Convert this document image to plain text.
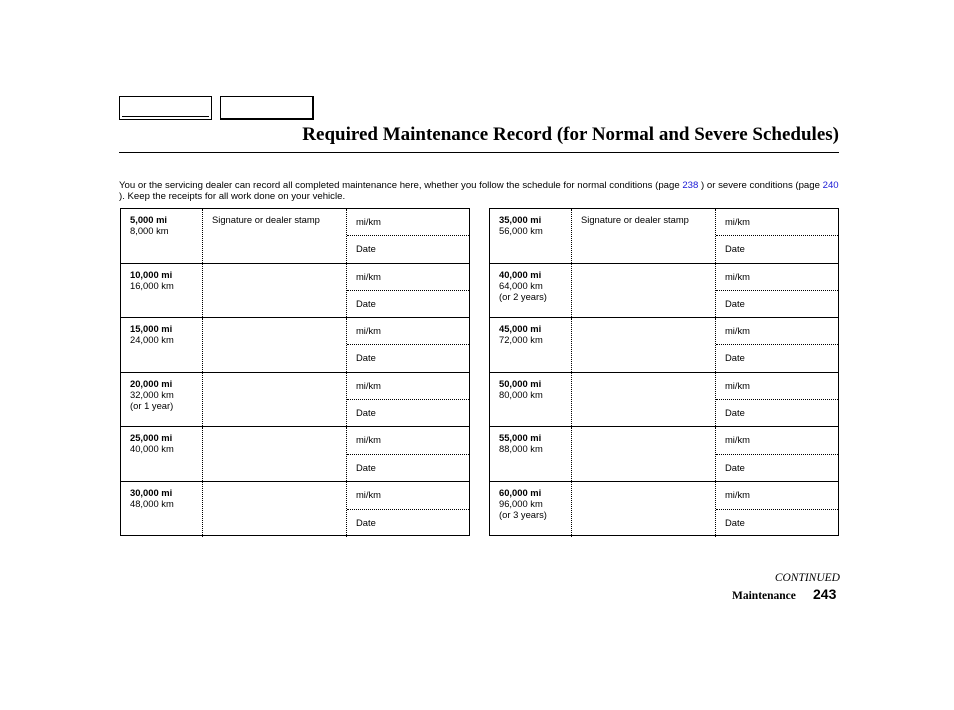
Required Maintenance Record (for Normal and Severe Schedules)
You or the servicing dealer can record all completed maintenance here, whether you follow the schedule for normal conditions (page 238 ) or severe conditions (page 240 ). Keep the receipts for all work done on your vehicle.
5,000 mi
8,000 km
Signature or dealer stamp	mi/km
Date
10,000 mi
16,000 km
mi/km
Date
15,000 mi
24,000 km
mi/km
Date
20,000 mi
32,000 km
(or 1 year)
mi/km
Date
25,000 mi
40,000 km
mi/km
Date
30,000 mi
48,000 km
mi/km
Date
35,000 mi
56,000 km
Signature or dealer stamp	mi/km
Date
40,000 mi
64,000 km
(or 2 years)
mi/km
Date
45,000 mi
72,000 km
mi/km
Date
50,000 mi
80,000 km
mi/km
Date
55,000 mi
88,000 km
mi/km
Date
60,000 mi
96,000 km
(or 3 years)
mi/km
Date
CONTINUED
Maintenance 243
